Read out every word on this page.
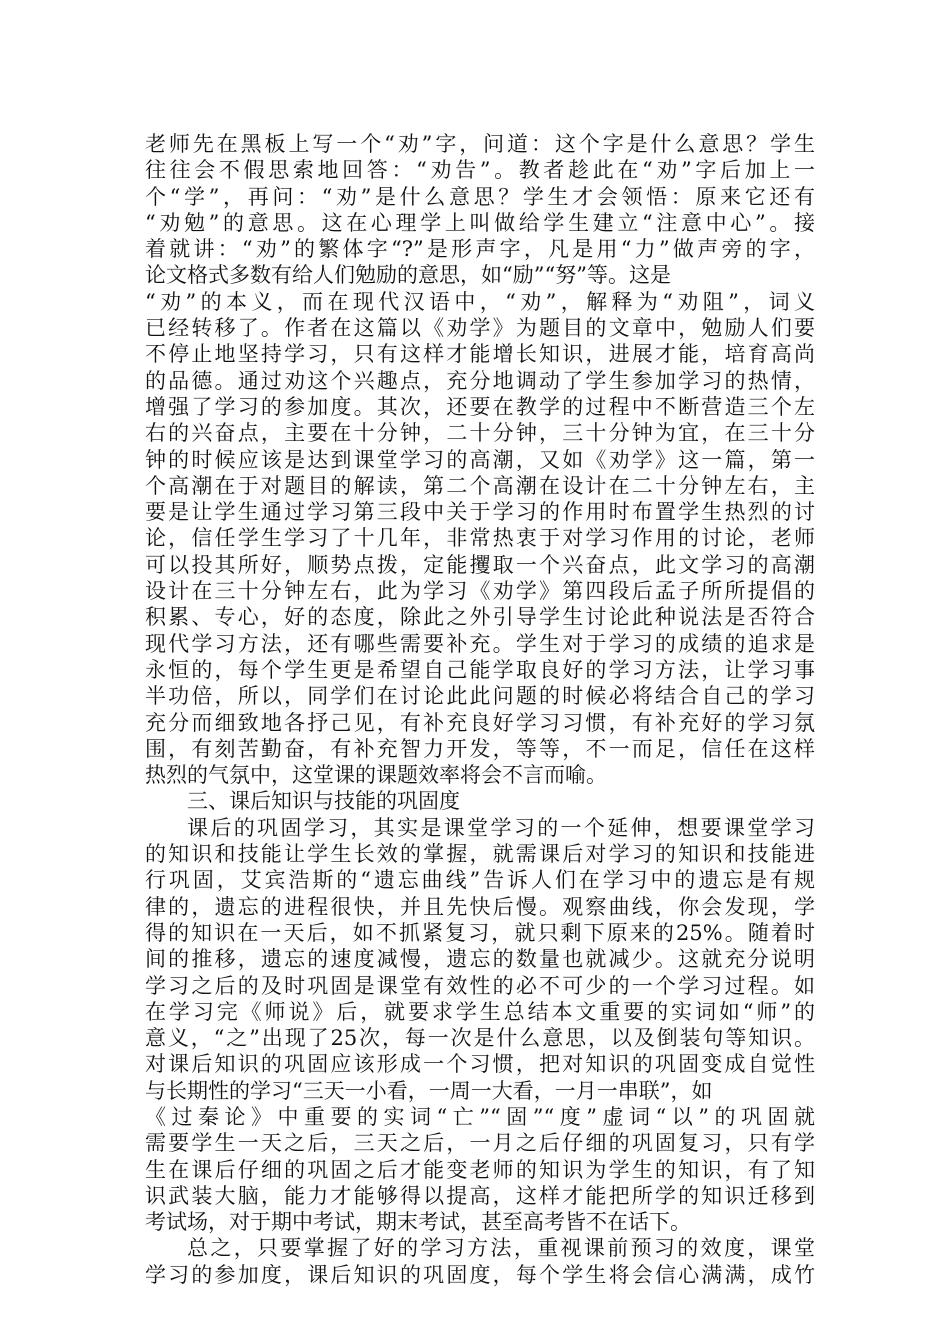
老师先在黑板上写一个“劝”字，问道：这个字是什么意思？学生
往往会不假思索地回答：“劝告”。教者趁此在“劝”字后加上一
个“学”，再问：“劝”是什么意思？学生才会领悟：原来它还有
“劝勉”的意思。这在心理学上叫做给学生建立“注意中心”。接
着就讲：“劝”的繁体字“?”是形声字，凡是用“力”做声旁的字，
论文格式多数有给人们勉励的意思，如“励”“努”等。这是
“劝”的本义，而在现代汉语中，“劝”，解释为“劝阻”，词义
已经转移了。作者在这篇以《劝学》为题目的文章中，勉励人们要
不停止地坚持学习，只有这样才能增长知识，进展才能，培育高尚
的品德。通过劝这个兴趣点，充分地调动了学生参加学习的热情，
增强了学习的参加度。其次，还要在教学的过程中不断营造三个左
右的兴奋点，主要在十分钟，二十分钟，三十分钟为宜，在三十分
钟的时候应该是达到课堂学习的高潮，又如《劝学》这一篇，第一
个高潮在于对题目的解读，第二个高潮在设计在二十分钟左右，主
要是让学生通过学习第三段中关于学习的作用时布置学生热烈的讨
论，信任学生学习了十几年，非常热衷于对学习作用的讨论，老师
可以投其所好，顺势点拨，定能攫取一个兴奋点，此文学习的高潮
设计在三十分钟左右，此为学习《劝学》第四段后孟子所所提倡的
积累、专心，好的态度，除此之外引导学生讨论此种说法是否符合
现代学习方法，还有哪些需要补充。学生对于学习的成绩的追求是
永恒的，每个学生更是希望自己能学取良好的学习方法，让学习事
半功倍，所以，同学们在讨论此此问题的时候必将结合自己的学习
充分而细致地各抒己见，有补充良好学习习惯，有补充好的学习氛
围，有刻苦勤奋，有补充智力开发，等等，不一而足，信任在这样
热烈的气氛中，这堂课的课题效率将会不言而喻。
三、课后知识与技能的巩固度
课后的巩固学习，其实是课堂学习的一个延伸，想要课堂学习
的知识和技能让学生长效的掌握，就需课后对学习的知识和技能进
行巩固，艾宾浩斯的“遗忘曲线”告诉人们在学习中的遗忘是有规
律的，遗忘的进程很快，并且先快后慢。观察曲线，你会发现，学
得的知识在一天后，如不抓紧复习，就只剩下原来的25%。随着时
间的推移，遗忘的速度减慢，遗忘的数量也就减少。这就充分说明
学习之后的及时巩固是课堂有效性的必不可少的一个学习过程。如
在学习完《师说》后，就要求学生总结本文重要的实词如“师”的
意义，“之”出现了25次，每一次是什么意思，以及倒装句等知识。
对课后知识的巩固应该形成一个习惯，把对知识的巩固变成自觉性
与长期性的学习“三天一小看，一周一大看，一月一串联”，如
《过秦论》中重要的实词“亡”“固”“度”虚词“以”的巩固就
需要学生一天之后，三天之后，一月之后仔细的巩固复习，只有学
生在课后仔细的巩固之后才能变老师的知识为学生的知识，有了知
识武装大脑，能力才能够得以提高，这样才能把所学的知识迁移到
考试场，对于期中考试，期末考试，甚至高考皆不在话下。
总之，只要掌握了好的学习方法，重视课前预习的效度，课堂
学习的参加度，课后知识的巩固度，每个学生将会信心满满，成竹
